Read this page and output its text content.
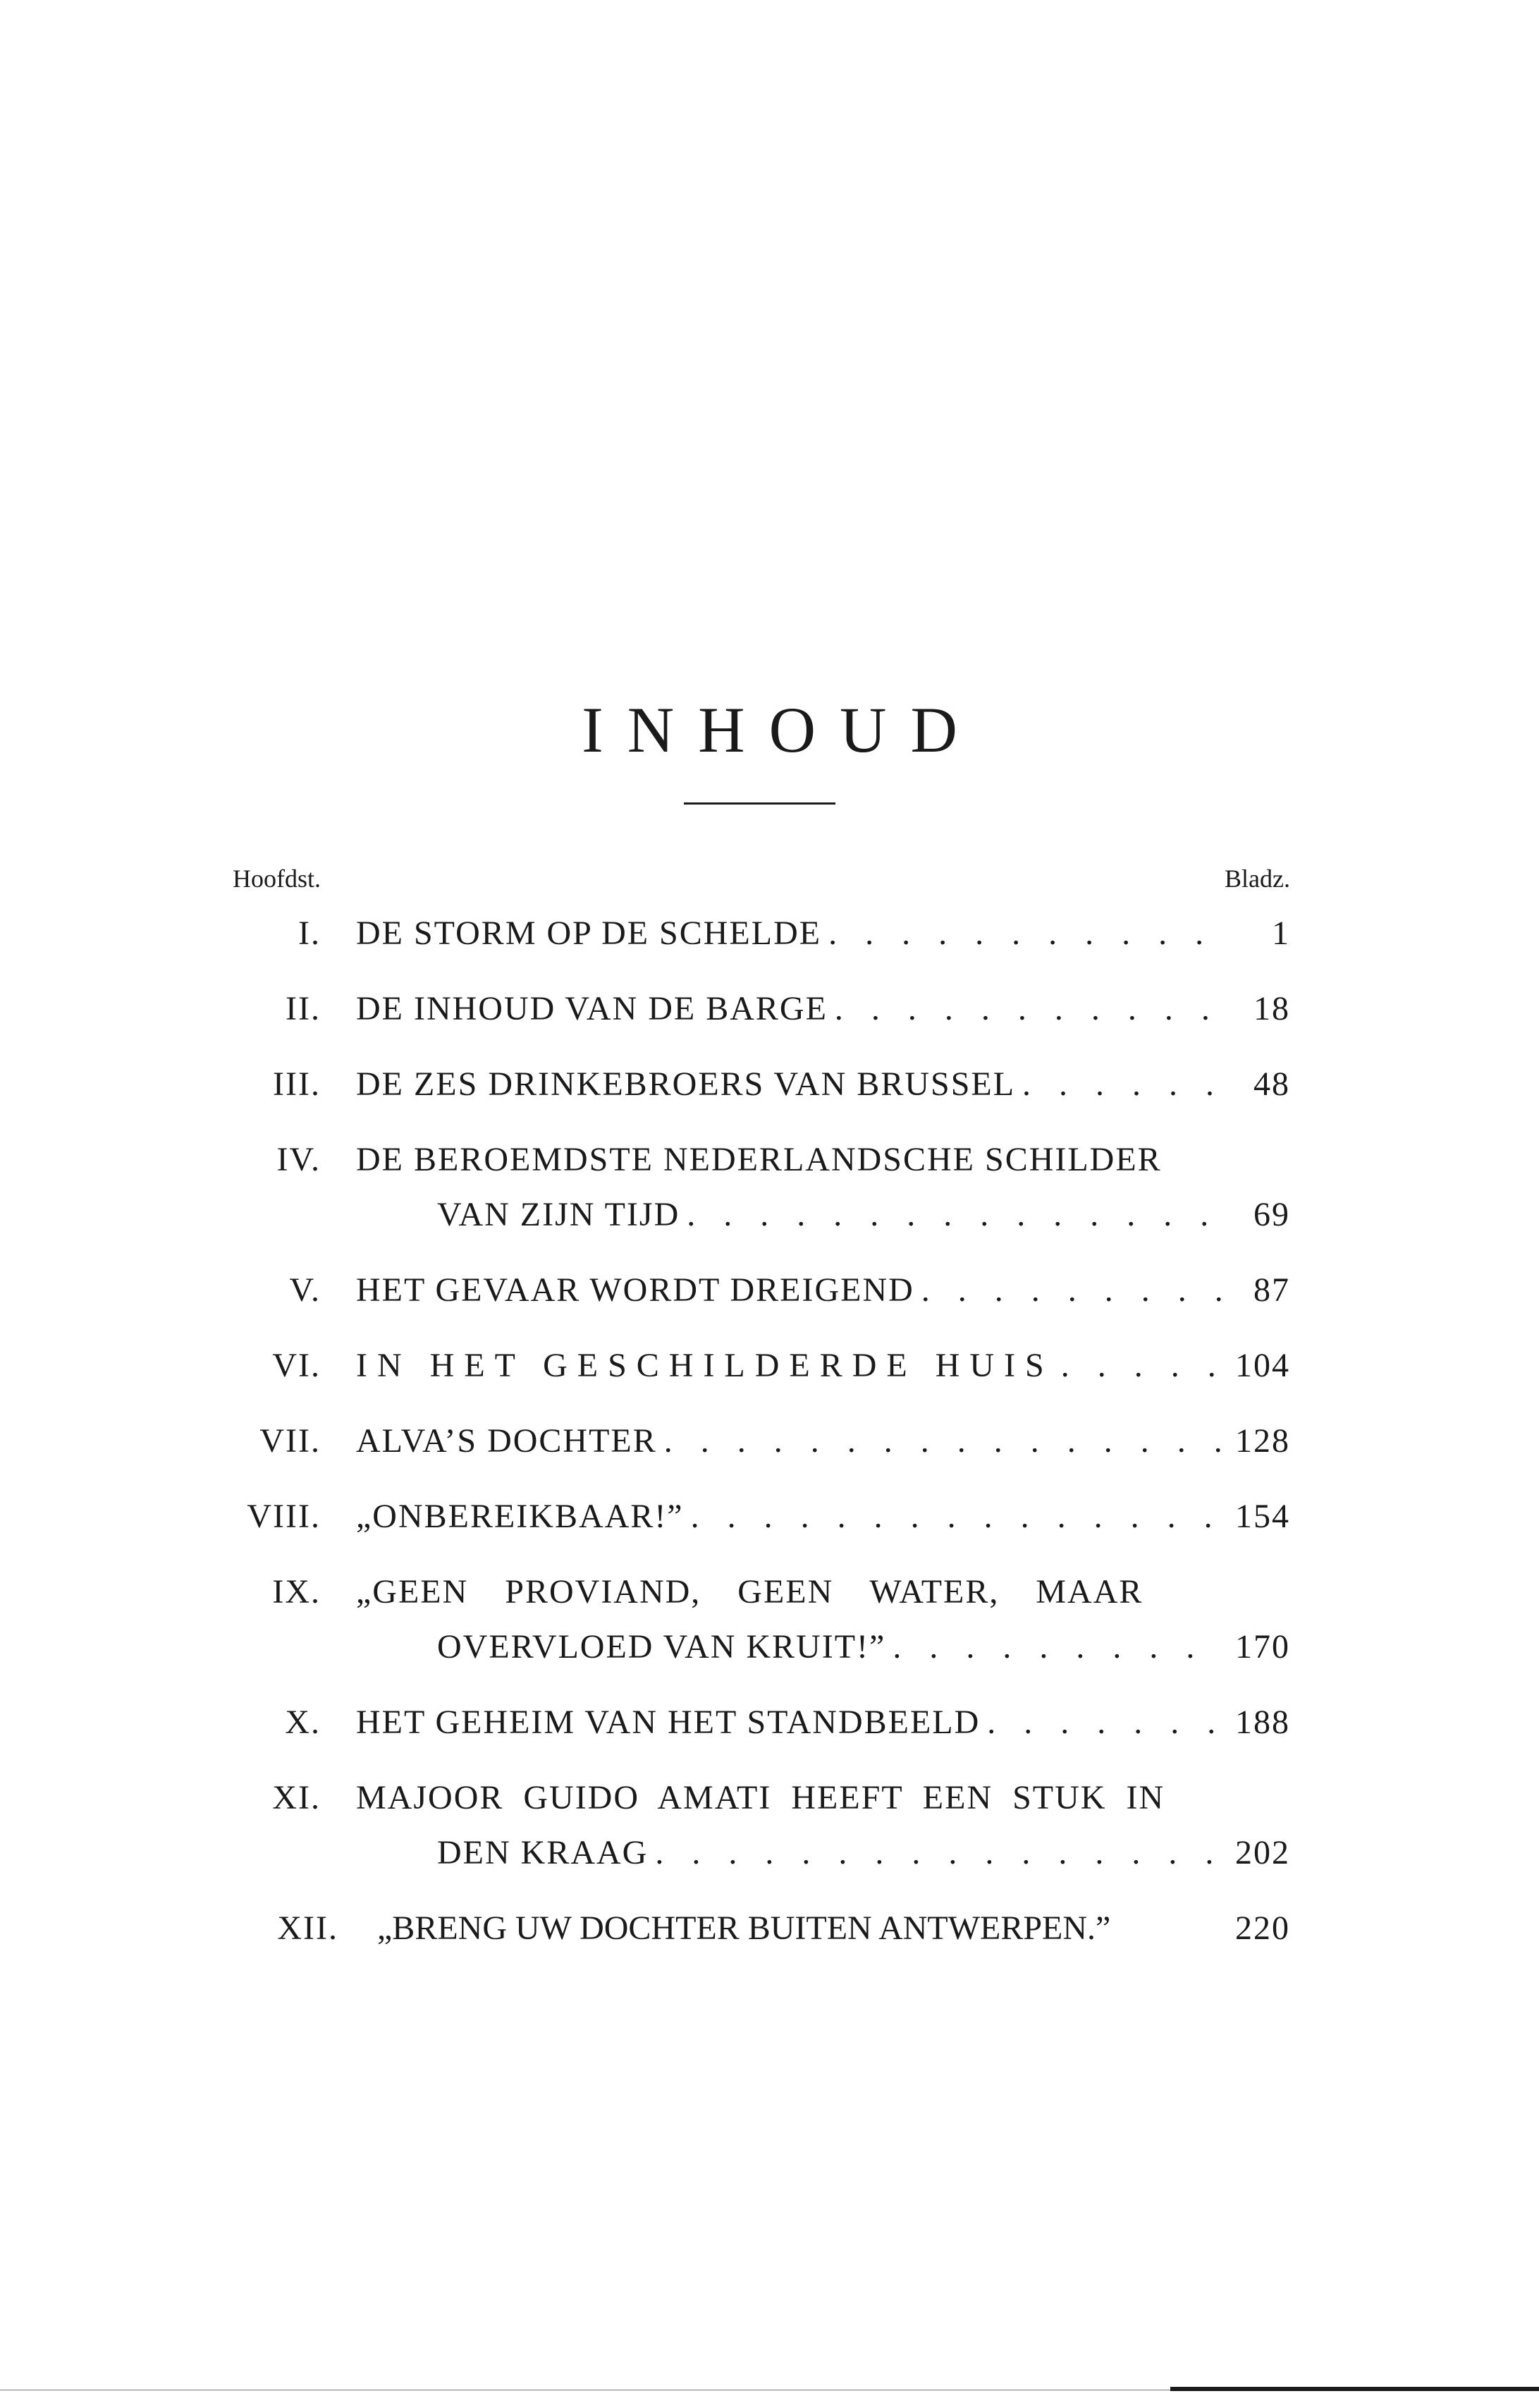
INHOUD
Hoofdst.	Bladz.
I. DE STORM OP DE SCHELDE . . .	1
II. DE INHOUD VAN DE BARGE . . .	18
III. DE ZES DRINKEBROERS VAN BRUSSEL . . .	48
IV. DE BEROEMDSTE NEDERLANDSCHE SCHILDER
VAN ZIJN TIJD . . .	69
V. HET GEVAAR WORDT DREIGEND . . .	87
VI. IN HET GESCHILDERDE HUIS . . .	104
VII. ALVA’S DOCHTER . . .	128
VIII. „ONBEREIKBAAR!” . . .	154
IX. „GEEN PROVIAND, GEEN WATER, MAAR
OVERVLOED VAN KRUIT!” . . .	170
X. HET GEHEIM VAN HET STANDBEELD . . .	188
XI. MAJOOR GUIDO AMATI HEEFT EEN STUK IN
DEN KRAAG . . .	202
XII.	„BRENG UW DOCHTER BUITEN ANTWERPEN.”	220
